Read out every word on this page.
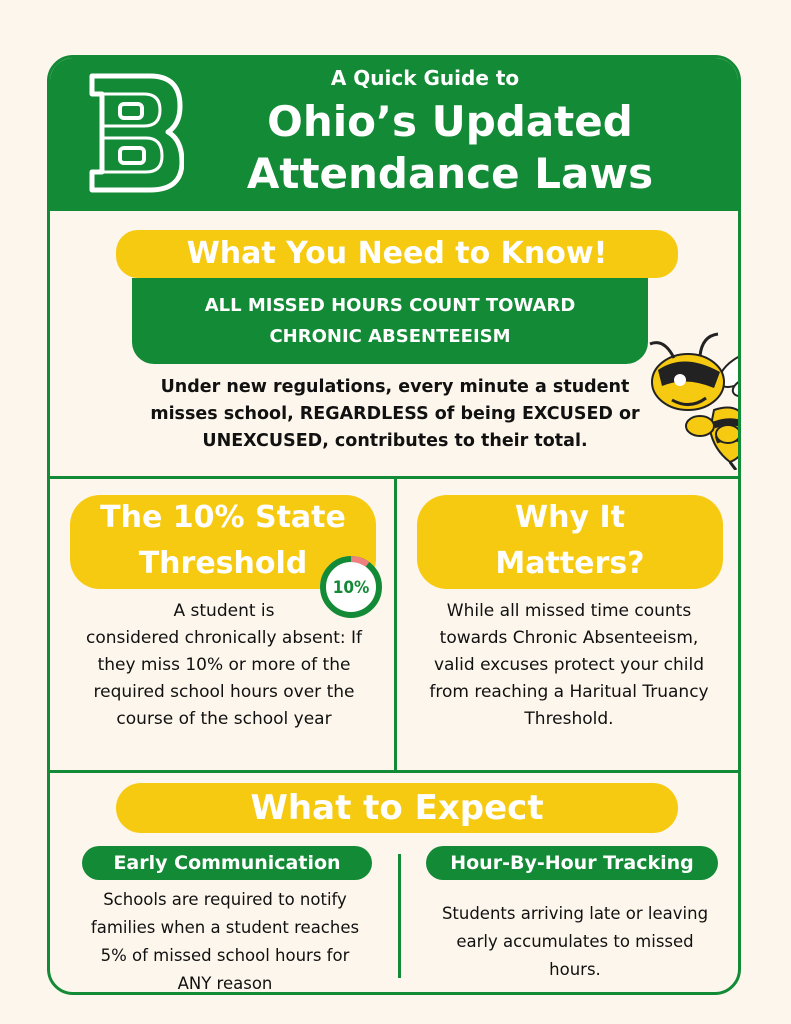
A Quick Guide to
Ohio’s Updated
Attendance Laws
What You Need to Know!
ALL MISSED HOURS COUNT TOWARD
CHRONIC ABSENTEEISM
Under new regulations, every minute a student
misses school, REGARDLESS of being EXCUSED or
UNEXCUSED, contributes to their total.
The 10% State
Threshold
10%
A student is
considered chronically absent: If
they miss 10% or more of the
required school hours over the
course of the school year
Why It
Matters?
While all missed time counts
towards Chronic Absenteeism,
valid excuses protect your child
from reaching a Haritual Truancy
Threshold.
What to Expect
Early Communication
Schools are required to notify
families when a student reaches
5% of missed school hours for
ANY reason
Hour-By-Hour Tracking
Students arriving late or leaving
early accumulates to missed
hours.
